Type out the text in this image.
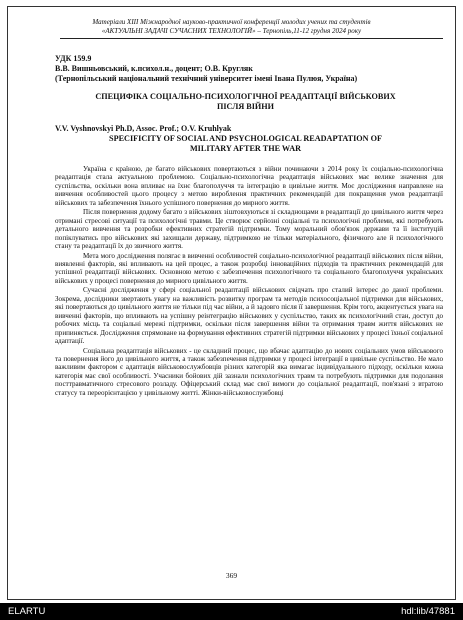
Матеріали ХIII Міжнародної науково-практичної конференції молодих учених та студентів
«АКТУАЛЬНІ ЗАДАЧІ СУЧАСНИХ ТЕХНОЛОГІЙ» – Тернопіль,11-12 грудня 2024 року
УДК 159.9
В.В. Вишньовський, к.психол.н., доцент; О.В. Кругляк
(Тернопільський національний технічний університет імені Івана Пулюя, Україна)
СПЕЦИФІКА СОЦІАЛЬНО-ПСИХОЛОГІЧНОЇ РЕАДАПТАЦІЇ ВІЙСЬКОВИХ
ПІСЛЯ ВІЙНИ
V.V. Vyshnovskyi Ph.D, Assoc. Prof.; O.V. Kruhlyak
SPECIFICITY OF SOCIAL AND PSYCHOLOGICAL READAPTATION OF
MILITARY AFTER THE WAR

Україна є країною, де багато військових повертаються з війни починаючи з 2014 року їх соціально-психологічна реадаптація стала актуальною проблемою. Соціально-психологічна реадаптація військових має велике значення для суспільства, оскільки вона впливає на їхнє благополуччя та інтеграцію в цивільне життя. Моє дослідження направлене на вивчення особливостей цього процесу з метою вироблення практичних рекомендацій для покращення умов реадаптації військових та забезпечення їхнього успішного повернення до мирного життя.

Після повернення додому багато з військових зіштовхуються зі складнощами в реадаптації до цивільного життя через отримані стресові ситуації та психологічні травми. Це створює серйозні соціальні та психологічні проблеми, які потребують детального вивчення та розробки ефективних стратегій підтримки. Тому моральний обов'язок держави та її інституцій попіклуватись про військових які захищали державу, підтримкою не тільки матеріального, фізичного але й психологічного стану та реадаптації їх до звичного життя.

Мета мого дослідження полягає в вивченні особливостей соціально-психологічної реадаптації військових після війни, виявленні факторів, які впливають на цей процес, а також розробці інноваційних підходів та практичних рекомендацій для успішної реадаптації військових. Основною метою є забезпечення психологічного та соціального благополуччя українських військових у процесі повернення до мирного цивільного життя.

Сучасні дослідження у сфері соціальної реадаптації військових свідчать про сталий інтерес до даної проблеми. Зокрема, дослідники звертають увагу на важливість розвитку програм та методів психосоціальної підтримки для військових, які повертаються до цивільного життя не тільки під час війни, а й задовго після її завершення. Крім того, акцентується увага на вивченні факторів, що впливають на успішну реінтеграцію військових у суспільство, таких як психологічний стан, доступ до робочих місць та соціальні мережі підтримки, оскільки після завершення війни та отримання травм життя військових не припиняється. Дослідження спрямоване на формування ефективних стратегій підтримки військових у процесі їхньої соціальної адаптації.

Соціальна реадаптація військових - це складний процес, що вбачає адаптацію до нових соціальних умов військового та повернення його до цивільного життя, а також забезпечення підтримки у процесі інтеграції в цивільне суспільство. Не мало важливим фактором є адаптація військовослужбовців різних категорій яка вимагає індивідуального підходу, оскільки кожна категорія має свої особливості. Учасники бойових дій зазнали психологічних травм та потребують підтримки для подолання посттравматичного стресового розладу. Офіцерський склад має свої вимоги до соціальної реадаптації, пов'язані з втратою статусу та переорієнтацією у цивільному житті. Жінки-військовослужбовці

369
ELARTU	hdl:lib/47881
